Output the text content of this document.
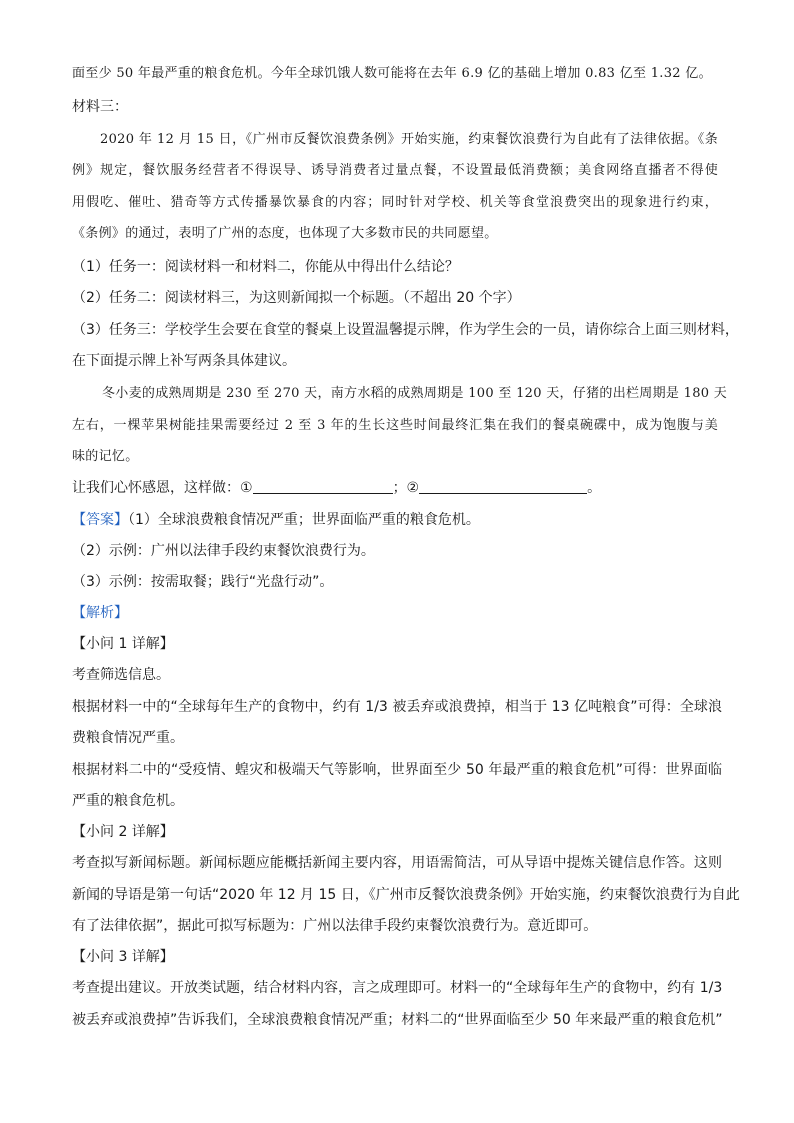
面至少 50 年最严重的粮食危机。今年全球饥饿人数可能将在去年 6.9 亿的基础上增加 0.83 亿至 1.32 亿。
材料三：
2020 年 12 月 15 日，《广州市反餐饮浪费条例》开始实施，约束餐饮浪费行为自此有了法律依据。《条
例》规定，餐饮服务经营者不得误导、诱导消费者过量点餐，不设置最低消费额；美食网络直播者不得使
用假吃、催吐、猎奇等方式传播暴饮暴食的内容；同时针对学校、机关等食堂浪费突出的现象进行约束，
《条例》的通过，表明了广州的态度，也体现了大多数市民的共同愿望。
（1）任务一：阅读材料一和材料二，你能从中得出什么结论？
（2）任务二：阅读材料三，为这则新闻拟一个标题。（不超出 20 个字）
（3）任务三：学校学生会要在食堂的餐桌上设置温馨提示牌，作为学生会的一员，请你综合上面三则材料，
在下面提示牌上补写两条具体建议。
冬小麦的成熟周期是 230 至 270 天，南方水稻的成熟周期是 100 至 120 天，仔猪的出栏周期是 180 天
左右，一棵苹果树能挂果需要经过 2 至 3 年的生长这些时间最终汇集在我们的餐桌碗碟中，成为饱腹与美
味的记忆。
让我们心怀感恩，这样做：①	；②	。
【答案】（1）全球浪费粮食情况严重；世界面临严重的粮食危机。
（2）示例：广州以法律手段约束餐饮浪费行为。
（3）示例：按需取餐；践行“光盘行动”。
【解析】
【小问 1 详解】
考查筛选信息。
根据材料一中的“全球每年生产的食物中，约有 1/3 被丢弃或浪费掉，相当于 13 亿吨粮食”可得：全球浪
费粮食情况严重。
根据材料二中的“受疫情、蝗灾和极端天气等影响，世界面至少 50 年最严重的粮食危机”可得：世界面临
严重的粮食危机。
【小问 2 详解】
考查拟写新闻标题。新闻标题应能概括新闻主要内容，用语需简洁，可从导语中提炼关键信息作答。这则
新闻的导语是第一句话“2020 年 12 月 15 日，《广州市反餐饮浪费条例》开始实施，约束餐饮浪费行为自此
有了法律依据”，据此可拟写标题为：广州以法律手段约束餐饮浪费行为。意近即可。
【小问 3 详解】
考查提出建议。开放类试题，结合材料内容，言之成理即可。材料一的“全球每年生产的食物中，约有 1/3
被丢弃或浪费掉”告诉我们，全球浪费粮食情况严重；材料二的“世界面临至少 50 年来最严重的粮食危机”
